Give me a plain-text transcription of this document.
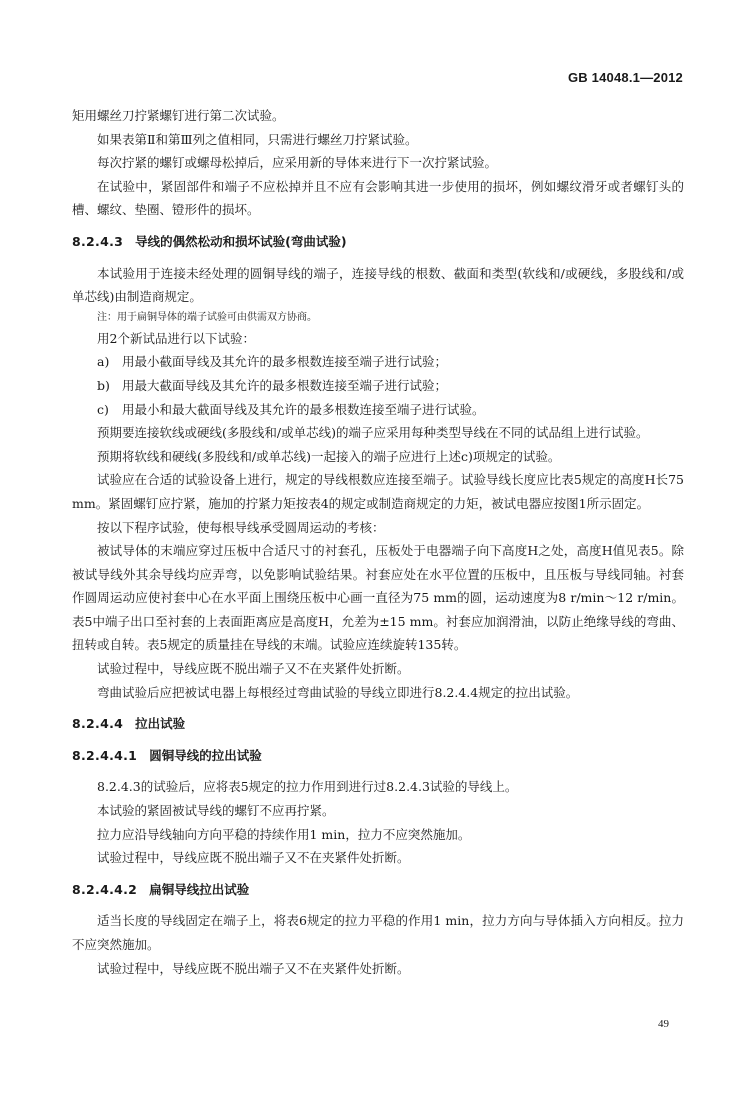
GB 14048.1—2012

矩用螺丝刀拧紧螺钉进行第二次试验。

如果表第Ⅱ和第Ⅲ列之值相同，只需进行螺丝刀拧紧试验。

每次拧紧的螺钉或螺母松掉后，应采用新的导体来进行下一次拧紧试验。

在试验中，紧固部件和端子不应松掉并且不应有会影响其进一步使用的损坏，例如螺纹滑牙或者螺钉头的槽、螺纹、垫圈、镫形件的损坏。

8.2.4.3 导线的偶然松动和损坏试验(弯曲试验)

本试验用于连接未经处理的圆铜导线的端子，连接导线的根数、截面和类型(软线和/或硬线，多股线和/或单芯线)由制造商规定。

注：用于扁铜导体的端子试验可由供需双方协商。

用2个新试品进行以下试验：

a)	用最小截面导线及其允许的最多根数连接至端子进行试验；
b) 用最大截面导线及其允许的最多根数连接至端子进行试验；
c)	用最小和最大截面导线及其允许的最多根数连接至端子进行试验。

预期要连接软线或硬线(多股线和/或单芯线)的端子应采用每种类型导线在不同的试品组上进行试验。

预期将软线和硬线(多股线和/或单芯线)一起接入的端子应进行上述c)项规定的试验。

试验应在合适的试验设备上进行，规定的导线根数应连接至端子。试验导线长度应比表5规定的高度H长75 mm。紧固螺钉应拧紧，施加的拧紧力矩按表4的规定或制造商规定的力矩，被试电器应按图1所示固定。

按以下程序试验，使每根导线承受圆周运动的考核：

被试导体的末端应穿过压板中合适尺寸的衬套孔，压板处于电器端子向下高度H之处，高度H值见表5。除被试导线外其余导线均应弄弯，以免影响试验结果。衬套应处在水平位置的压板中，且压板与导线同轴。衬套作圆周运动应使衬套中心在水平面上围绕压板中心画一直径为75 mm的圆，运动速度为8 r/min～12 r/min。表5中端子出口至衬套的上表面距离应是高度H，允差为±15 mm。衬套应加润滑油，以防止绝缘导线的弯曲、扭转或自转。表5规定的质量挂在导线的末端。试验应连续旋转135转。

试验过程中，导线应既不脱出端子又不在夹紧件处折断。

弯曲试验后应把被试电器上每根经过弯曲试验的导线立即进行8.2.4.4规定的拉出试验。

8.2.4.4 拉出试验
8.2.4.4.1 圆铜导线的拉出试验

8.2.4.3的试验后，应将表5规定的拉力作用到进行过8.2.4.3试验的导线上。

本试验的紧固被试导线的螺钉不应再拧紧。

拉力应沿导线轴向方向平稳的持续作用1 min，拉力不应突然施加。

试验过程中，导线应既不脱出端子又不在夹紧件处折断。

8.2.4.4.2 扁铜导线拉出试验

适当长度的导线固定在端子上，将表6规定的拉力平稳的作用1 min，拉力方向与导体插入方向相反。拉力不应突然施加。

试验过程中，导线应既不脱出端子又不在夹紧件处折断。

49
